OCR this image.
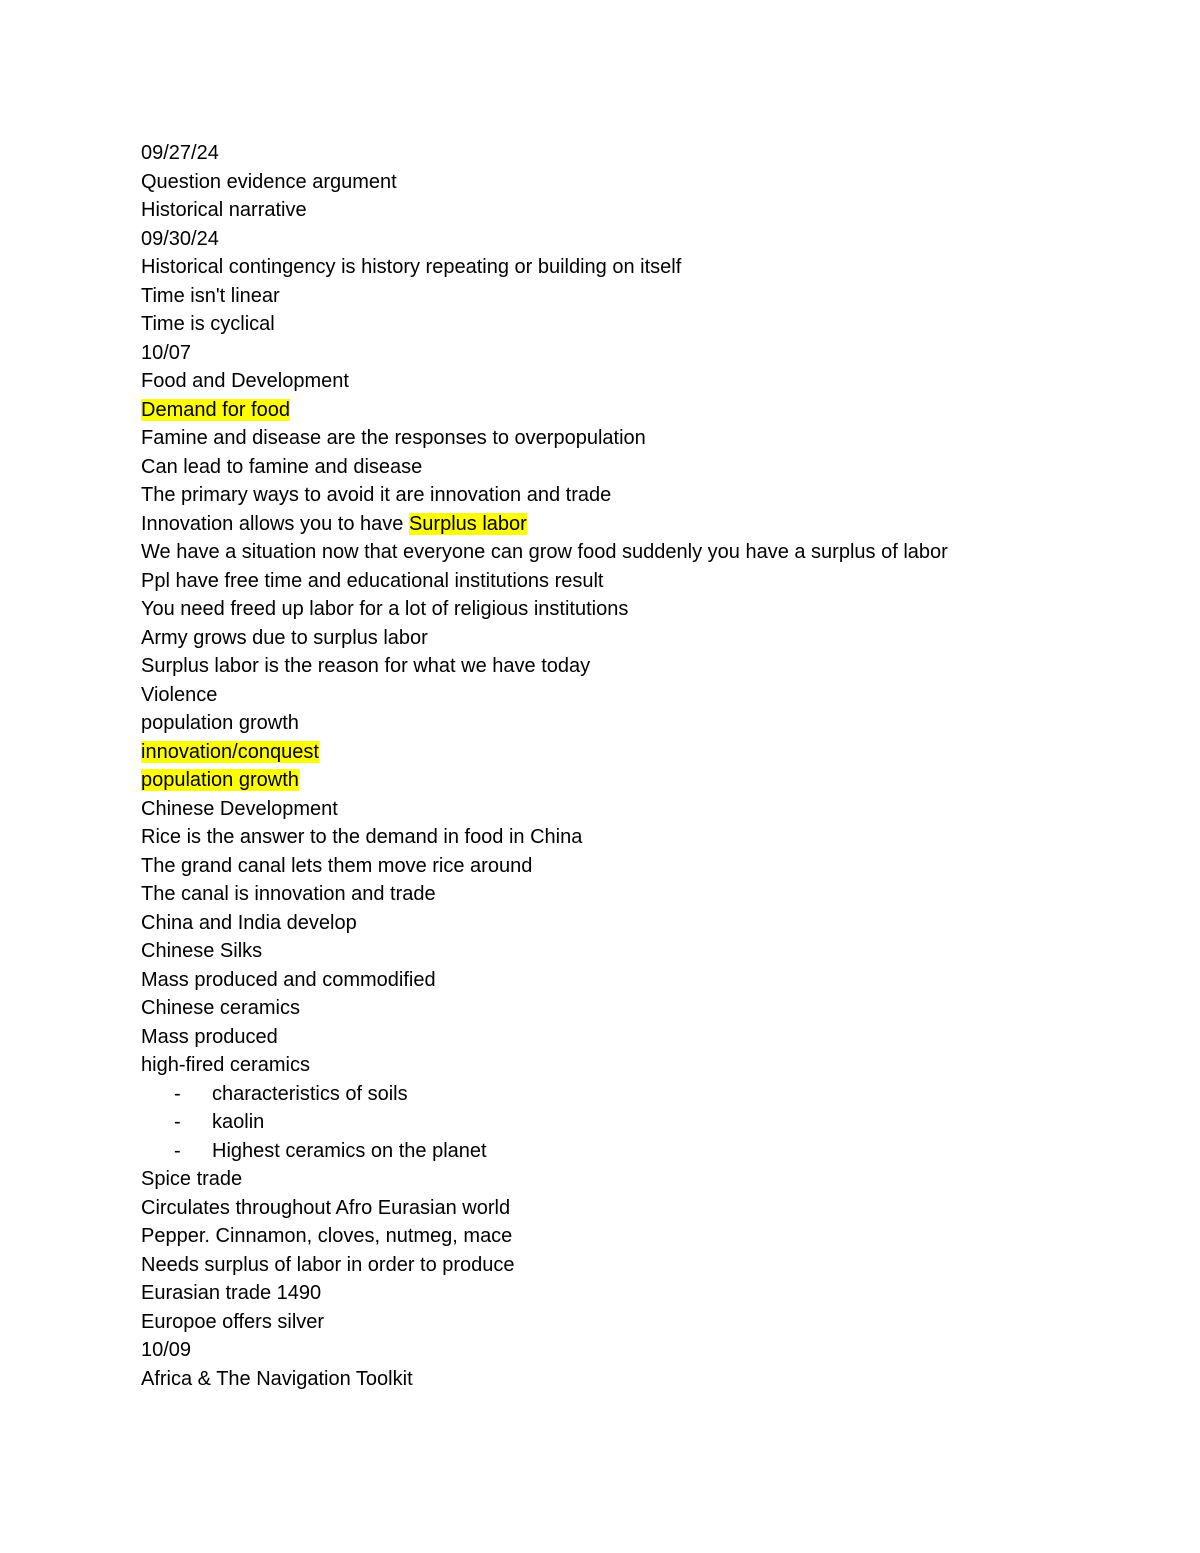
09/27/24
Question evidence argument
Historical narrative
09/30/24
Historical contingency is history repeating or building on itself
Time isn't linear
Time is cyclical
10/07
Food and Development
Demand for food
Famine and disease are the responses to overpopulation
Can lead to famine and disease
The primary ways to avoid it are innovation and trade
Innovation allows you to have Surplus labor
We have a situation now that everyone can grow food suddenly you have a surplus of labor
Ppl have free time and educational institutions result
You need freed up labor for a lot of religious institutions
Army grows due to surplus labor
Surplus labor is the reason for what we have today
Violence
population growth
innovation/conquest
population growth
Chinese Development
Rice is the answer to the demand in food in China
The grand canal lets them move rice around
The canal is innovation and trade
China and India develop
Chinese Silks
Mass produced and commodified
Chinese ceramics
Mass produced
high-fired ceramics
-	characteristics of soils
-	kaolin
-	Highest ceramics on the planet
Spice trade
Circulates throughout Afro Eurasian world
Pepper. Cinnamon, cloves, nutmeg, mace
Needs surplus of labor in order to produce
Eurasian trade 1490
Europoe offers silver
10/09
Africa & The Navigation Toolkit
